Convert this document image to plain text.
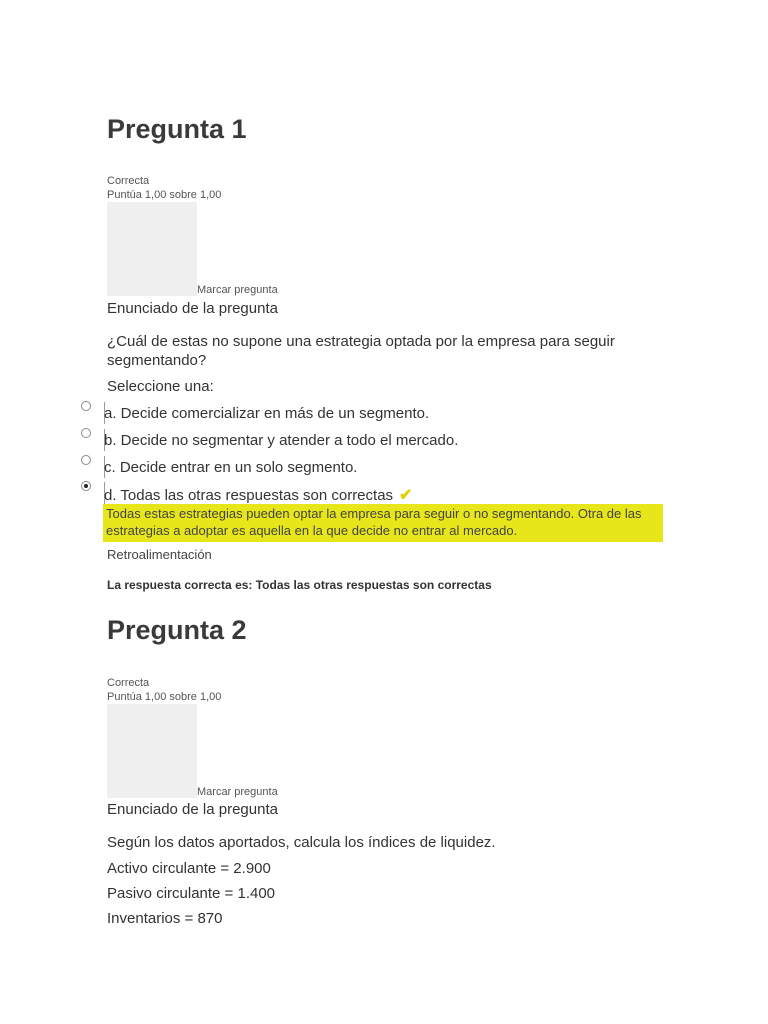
Pregunta 1
Correcta
Puntúa 1,00 sobre 1,00
Marcar pregunta
Enunciado de la pregunta
¿Cuál de estas no supone una estrategia optada por la empresa para seguir segmentando?
Seleccione una:
a. Decide comercializar en más de un segmento.
b. Decide no segmentar y atender a todo el mercado.
c. Decide entrar en un solo segmento.
d. Todas las otras respuestas son correctas ✔
Todas estas estrategias pueden optar la empresa para seguir o no segmentando. Otra de las estrategias a adoptar es aquella en la que decide no entrar al mercado.
Retroalimentación
La respuesta correcta es: Todas las otras respuestas son correctas
Pregunta 2
Correcta
Puntúa 1,00 sobre 1,00
Marcar pregunta
Enunciado de la pregunta
Según los datos aportados, calcula los índices de liquidez.
Activo circulante = 2.900
Pasivo circulante = 1.400
Inventarios = 870
